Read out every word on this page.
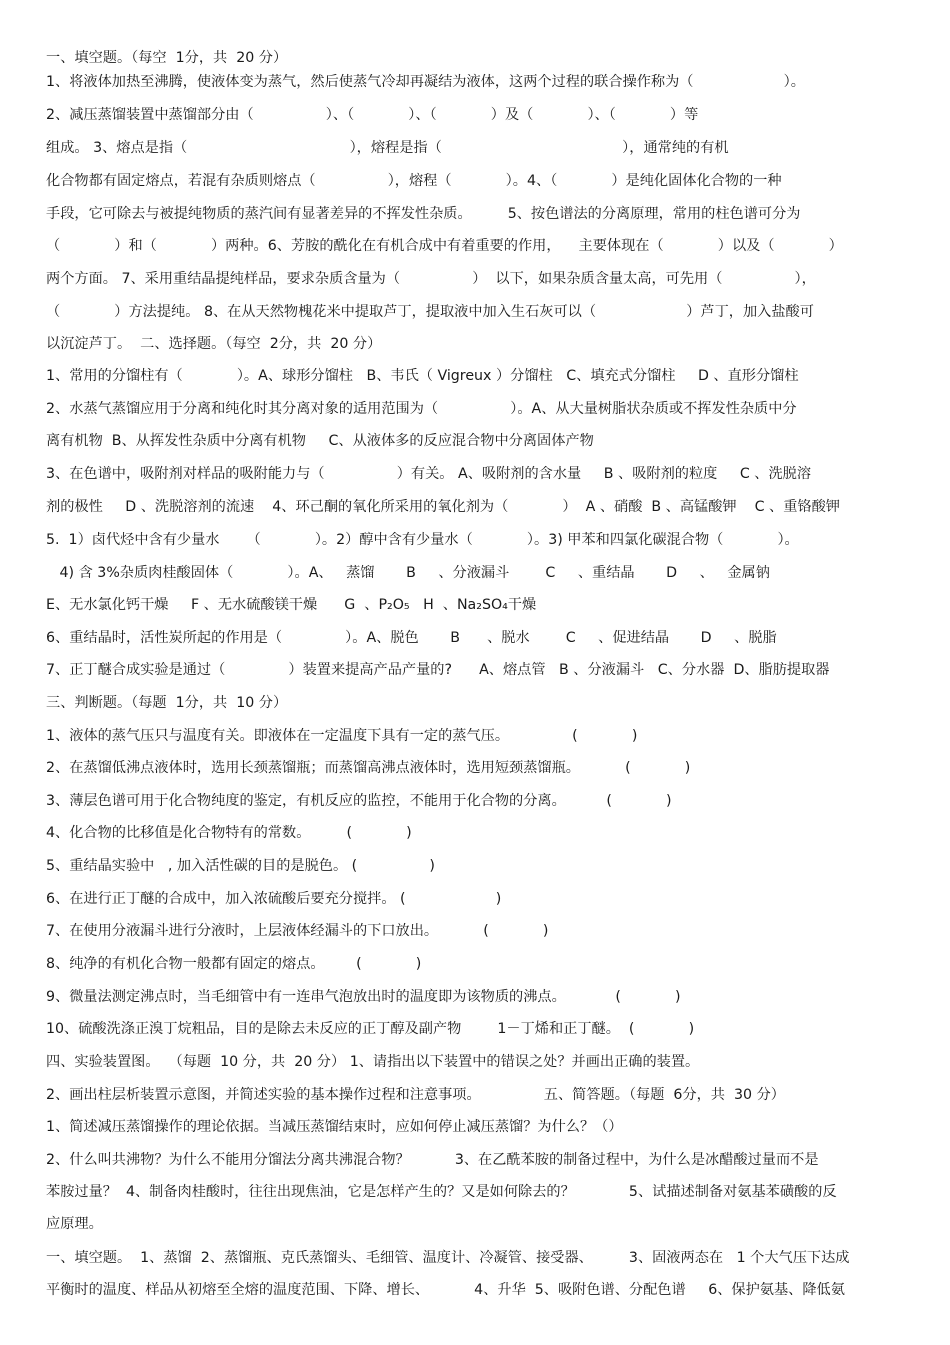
一、填空题。（每空  1分，共  20 分）
1、将液体加热至沸腾，使液体变为蒸气，然后使蒸气冷却再凝结为液体，这两个过程的联合操作称为（                    ）。
2、减压蒸馏装置中蒸馏部分由（                ）、（            ）、（            ）及（            ）、（            ）等
组成。 3、熔点是指（                                    ），熔程是指（                                        ），通常纯的有机
化合物都有固定熔点，若混有杂质则熔点（                ），熔程（            ）。4、（            ）是纯化固体化合物的一种
手段，它可除去与被提纯物质的蒸汽间有显著差异的不挥发性杂质。        5、按色谱法的分离原理，常用的柱色谱可分为
（            ）和（            ）两种。6、芳胺的酰化在有机合成中有着重要的作用，    主要体现在（            ）以及（            ）
两个方面。 7、采用重结晶提纯样品，要求杂质含量为（                ）  以下，如果杂质含量太高，可先用（                ），
（            ）方法提纯。 8、在从天然物槐花米中提取芦丁，提取液中加入生石灰可以（                    ）芦丁，加入盐酸可
以沉淀芦丁。  二、选择题。（每空  2分，共  20 分）
1、常用的分馏柱有（            ）。A、球形分馏柱   B、韦氏（ Vigreux ）分馏柱   C、填充式分馏柱     D 、直形分馏柱
2、水蒸气蒸馏应用于分离和纯化时其分离对象的适用范围为（                ）。A、从大量树脂状杂质或不挥发性杂质中分
离有机物  B、从挥发性杂质中分离有机物     C、从液体多的反应混合物中分离固体产物
3、在色谱中，吸附剂对样品的吸附能力与（                ）有关。 A、吸附剂的含水量     B 、吸附剂的粒度     C 、洗脱溶
剂的极性     D 、洗脱溶剂的流速    4、环己酮的氧化所采用的氧化剂为（            ）  A 、硝酸  B 、高锰酸钾    C 、重铬酸钾
5.  1）卤代烃中含有少量水      （            ）。2）醇中含有少量水（            ）。3) 甲苯和四氯化碳混合物（            ）。
4) 含 3%杂质肉桂酸固体（            ）。A、   蒸馏       B     、分液漏斗        C     、重结晶       D     、   金属钠
E、无水氯化钙干燥     F 、无水硫酸镁干燥      G  、P₂O₅   H  、Na₂SO₄干燥
6、重结晶时，活性炭所起的作用是（              ）。A、脱色       B      、脱水        C     、促进结晶       D     、脱脂
7、正丁醚合成实验是通过（              ）装置来提高产品产量的?      A、熔点管   B 、分液漏斗   C、分水器  D、脂肪提取器
三、判断题。（每题  1分，共  10 分）
1、液体的蒸气压只与温度有关。即液体在一定温度下具有一定的蒸气压。              (            )
2、在蒸馏低沸点液体时，选用长颈蒸馏瓶；而蒸馏高沸点液体时，选用短颈蒸馏瓶。          (            )
3、薄层色谱可用于化合物纯度的鉴定，有机反应的监控，不能用于化合物的分离。         (            )
4、化合物的比移值是化合物特有的常数。        (            )
5、重结晶实验中   , 加入活性碳的目的是脱色。 (                )
6、在进行正丁醚的合成中，加入浓硫酸后要充分搅拌。 (                    )
7、在使用分液漏斗进行分液时，上层液体经漏斗的下口放出。          (            )
8、纯净的有机化合物一般都有固定的熔点。       (            )
9、微量法测定沸点时，当毛细管中有一连串气泡放出时的温度即为该物质的沸点。           (            )
10、硫酸洗涤正溴丁烷粗品，目的是除去未反应的正丁醇及副产物        1－丁烯和正丁醚。  (            )
四、实验装置图。  （每题  10 分，共  20 分） 1、请指出以下装置中的错误之处？并画出正确的装置。
2、画出柱层析装置示意图，并简述实验的基本操作过程和注意事项。              五、简答题。（每题  6分，共  30 分）
1、简述减压蒸馏操作的理论依据。当减压蒸馏结束时，应如何停止减压蒸馏？为什么？（）
2、什么叫共沸物？为什么不能用分馏法分离共沸混合物？          3、在乙酰苯胺的制备过程中，为什么是冰醋酸过量而不是
苯胺过量？  4、制备肉桂酸时，往往出现焦油，它是怎样产生的？又是如何除去的？            5、试描述制备对氨基苯磺酸的反
应原理。
一、填空题。  1、蒸馏  2、蒸馏瓶、克氏蒸馏头、毛细管、温度计、冷凝管、接受器、        3、固液两态在   1 个大气压下达成
平衡时的温度、样品从初熔至全熔的温度范围、下降、增长、          4、升华  5、吸附色谱、分配色谱     6、保护氨基、降低氨
